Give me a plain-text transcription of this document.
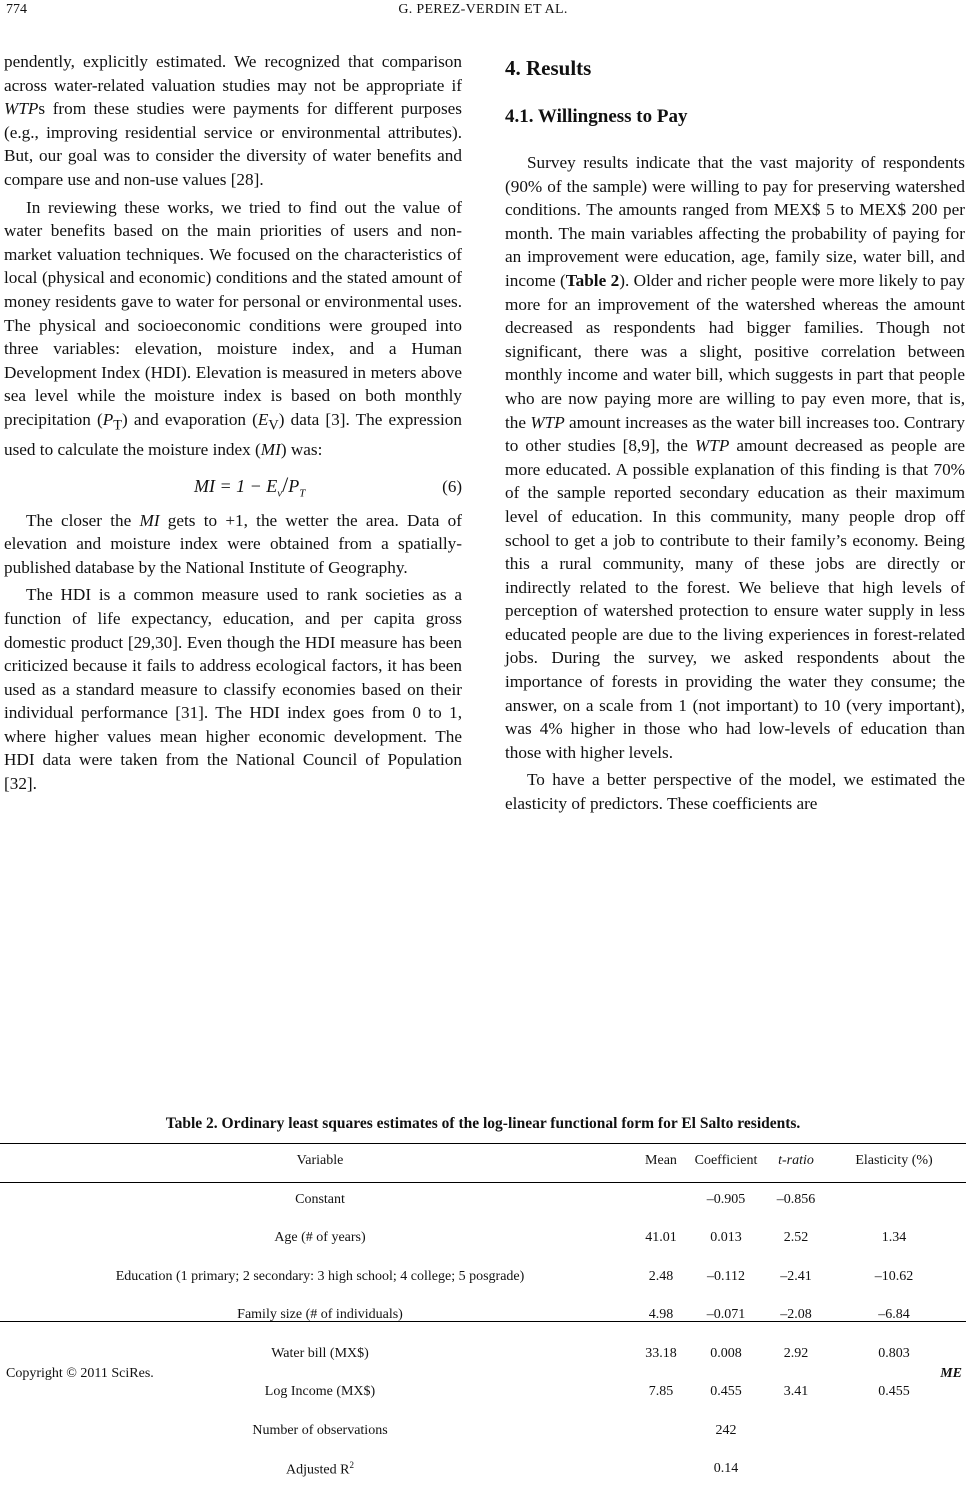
774	G. PEREZ-VERDIN ET AL.

pendently, explicitly estimated. We recognized that comparison across water-related valuation studies may not be appropriate if WTPs from these studies were payments for different purposes (e.g., improving residential service or environmental attributes). But, our goal was to consider the diversity of water benefits and compare use and non-use values [28].

In reviewing these works, we tried to find out the value of water benefits based on the main priorities of users and non-market valuation techniques. We focused on the characteristics of local (physical and economic) conditions and the stated amount of money residents gave to water for personal or environmental uses. The physical and socioeconomic conditions were grouped into three variables: elevation, moisture index, and a Human Development Index (HDI). Elevation is measured in meters above sea level while the moisture index is based on both monthly precipitation $(P_T)$ and evaporation $(E_V)$ data [3]. The expression used to calculate the moisture index (MI) was:

MI = $1 - E_v/P_T$	(6)

The closer the MI gets to +1, the wetter the area. Data of elevation and moisture index were obtained from a spatially-published database by the National Institute of Geography.

The HDI is a common measure used to rank societies as a function of life expectancy, education, and per capita gross domestic product [29,30]. Even though the HDI measure has been criticized because it fails to address ecological factors, it has been used as a standard measure to classify economies based on their individual performance [31]. The HDI index goes from 0 to 1, where higher values mean higher economic development. The HDI data were taken from the National Council of Population [32].

4. Results
4.1. Willingness to Pay

Survey results indicate that the vast majority of respondents (90% of the sample) were willing to pay for preserving watershed conditions. The amounts ranged from MEX$ 5 to MEX$ 200 per month. The main variables affecting the probability of paying for an improvement were education, age, family size, water bill, and income (Table 2). Older and richer people were more likely to pay more for an improvement of the watershed whereas the amount decreased as respondents had bigger families. Though not significant, there was a slight, positive correlation between monthly income and water bill, which suggests in part that people who are now paying more are willing to pay even more, that is, the WTP amount increases as the water bill increases too. Contrary to other studies [8,9], the WTP amount decreased as people are more educated. A possible explanation of this finding is that 70% of the sample reported secondary education as their maximum level of education. In this community, many people drop off school to get a job to contribute to their family’s economy. Being this a rural community, many of these jobs are directly or indirectly related to the forest. We believe that high levels of perception of watershed protection to ensure water supply in less educated people are due to the living experiences in forest-related jobs. During the survey, we asked respondents about the importance of forests in providing the water they consume; the answer, on a scale from 1 (not important) to 10 (very important), was 4% higher in those who had low-levels of education than those with higher levels.

To have a better perspective of the model, we estimated the elasticity of predictors. These coefficients are

Table 2. Ordinary least squares estimates of the log-linear functional form for El Salto residents.
Variable	Mean	Coefficient	t-ratio	Elasticity (%)
Constant		–0.905	–0.856	
Age (# of years)	41.01	0.013	2.52	1.34
Education (1 primary; 2 secondary: 3 high school; 4 college; 5 posgrade)	2.48	–0.112	–2.41	–10.62
Family size (# of individuals)	4.98	–0.071	–2.08	–6.84
Water bill (MX$)	33.18	0.008	2.92	0.803
Log Income (MX$)	7.85	0.455	3.41	0.455
Number of observations		242		
Adjusted $R^2$		0.14		
Copyright © 2011 SciRes.	ME
